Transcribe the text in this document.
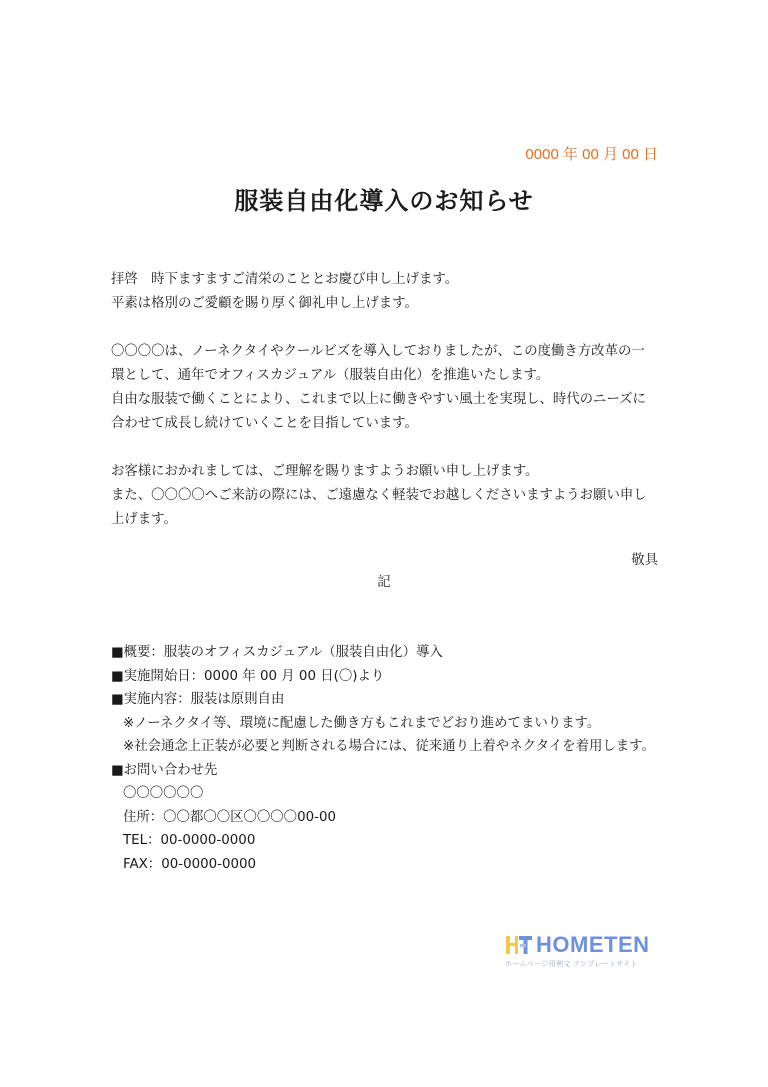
0000 年 00 月 00 日
服装自由化導入のお知らせ

拝啓　時下ますますご清栄のこととお慶び申し上げます。

平素は格別のご愛顧を賜り厚く御礼申し上げます。

〇〇〇〇は、ノーネクタイやクールビズを導入しておりましたが、この度働き方改革の一

環として、通年でオフィスカジュアル（服装自由化）を推進いたします。

自由な服装で働くことにより、これまで以上に働きやすい風土を実現し、時代のニーズに

合わせて成長し続けていくことを目指しています。

お客様におかれましては、ご理解を賜りますようお願い申し上げます。

また、〇〇〇〇へご来訪の際には、ご遠慮なく軽装でお越しくださいますようお願い申し

上げます。

敬具
記
■概要：服装のオフィスカジュアル（服装自由化）導入
■実施開始日：0000 年 00 月 00 日(〇)より
■実施内容：服装は原則自由
※ノーネクタイ等、環境に配慮した働き方もこれまでどおり進めてまいります。
※社会通念上正装が必要と判断される場合には、従来通り上着やネクタイを着用します。
■お問い合わせ先
〇〇〇〇〇〇
住所：〇〇都〇〇区〇〇〇〇00-00
TEL：00-0000-0000
FAX：00-0000-0000
HOMETEN
ホームページ用例文 テンプレートサイト
